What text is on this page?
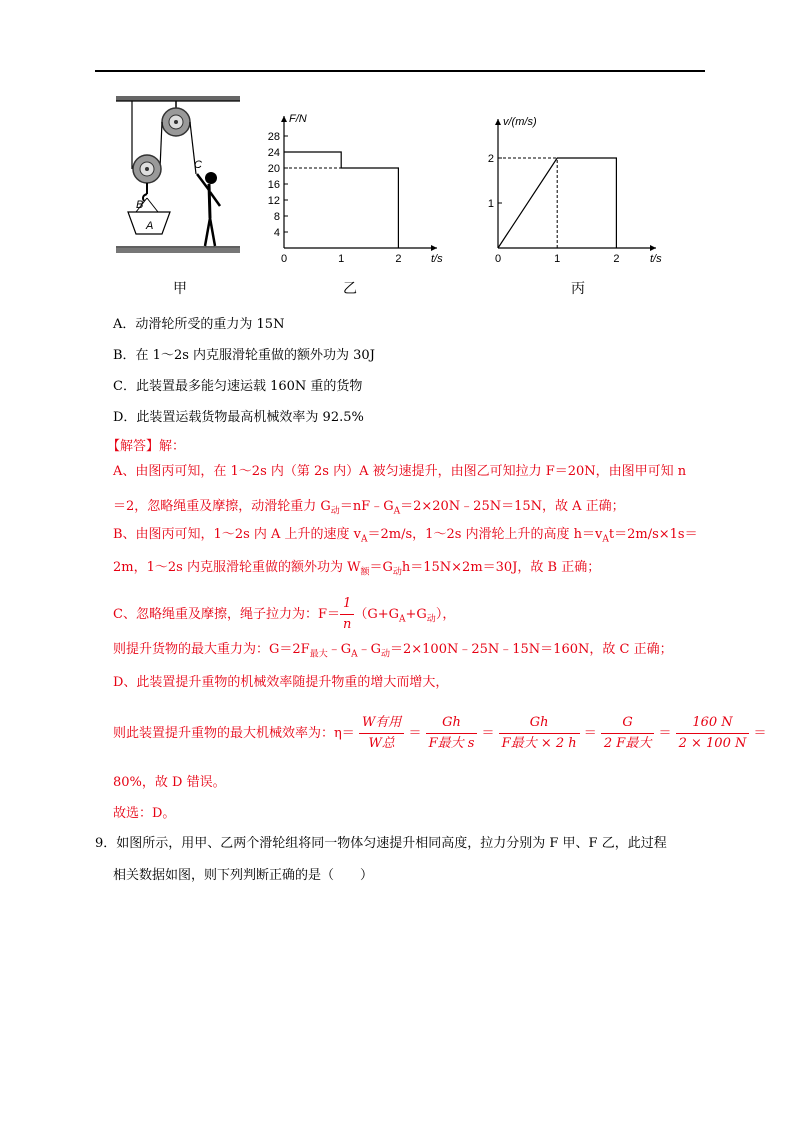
B
A
C
F/N
t/s
4
8
12
16
20
24
28
0	1	2
v/(m/s)
t/s
1
2
0	1	2
甲	乙	丙
A．动滑轮所受的重力为 15N
B．在 1～2s 内克服滑轮重做的额外功为 30J
C．此装置最多能匀速运载 160N 重的货物
D．此装置运载货物最高机械效率为 92.5%
【解答】解：
A、由图丙可知，在 1～2s 内（第 2s 内）A 被匀速提升，由图乙可知拉力 F＝20N，由图甲可知 n
＝2，忽略绳重及摩擦，动滑轮重力 $G_动=nF﹣G_A=2\times 20N﹣25N=15N$，故 A 正确；
B、由图丙可知，1～2s 内 A 上升的速度 $v_A=2m/s$，1～2s 内滑轮上升的高度 $h=v_At=2m/s\times 1s=$
2m，1～2s 内克服滑轮重做的额外功为 $W_额=G_动h=15N\times 2m=30J$，故 B 正确；
C、忽略绳重及摩擦，绳子拉力为：$F= \frac{1}{n} (G+G_A+G_动)$，
则提升货物的最大重力为：$G=2F_{最大}﹣G_A﹣G_动=2\times 100N﹣25N﹣15N=160N$，故 C 正确；
D、此装置提升重物的机械效率随提升物重的增大而增大，
则此装置提升重物的最大机械效率为：$\eta= \frac{\text{W有用}}{\text{W总}} = \frac{Gh}{\text{F最大 s}} = \frac{Gh}{\text{F最大 × 2 h}} = \frac{G}{\text{2 F最大}} = \frac{160 N}{2 \times 100 N}$ ＝
80%，故 D 错误。
故选：D。
9．如图所示，用甲、乙两个滑轮组将同一物体匀速提升相同高度，拉力分别为 F 甲、F 乙，此过程
相关数据如图，则下列判断正确的是（　　）
